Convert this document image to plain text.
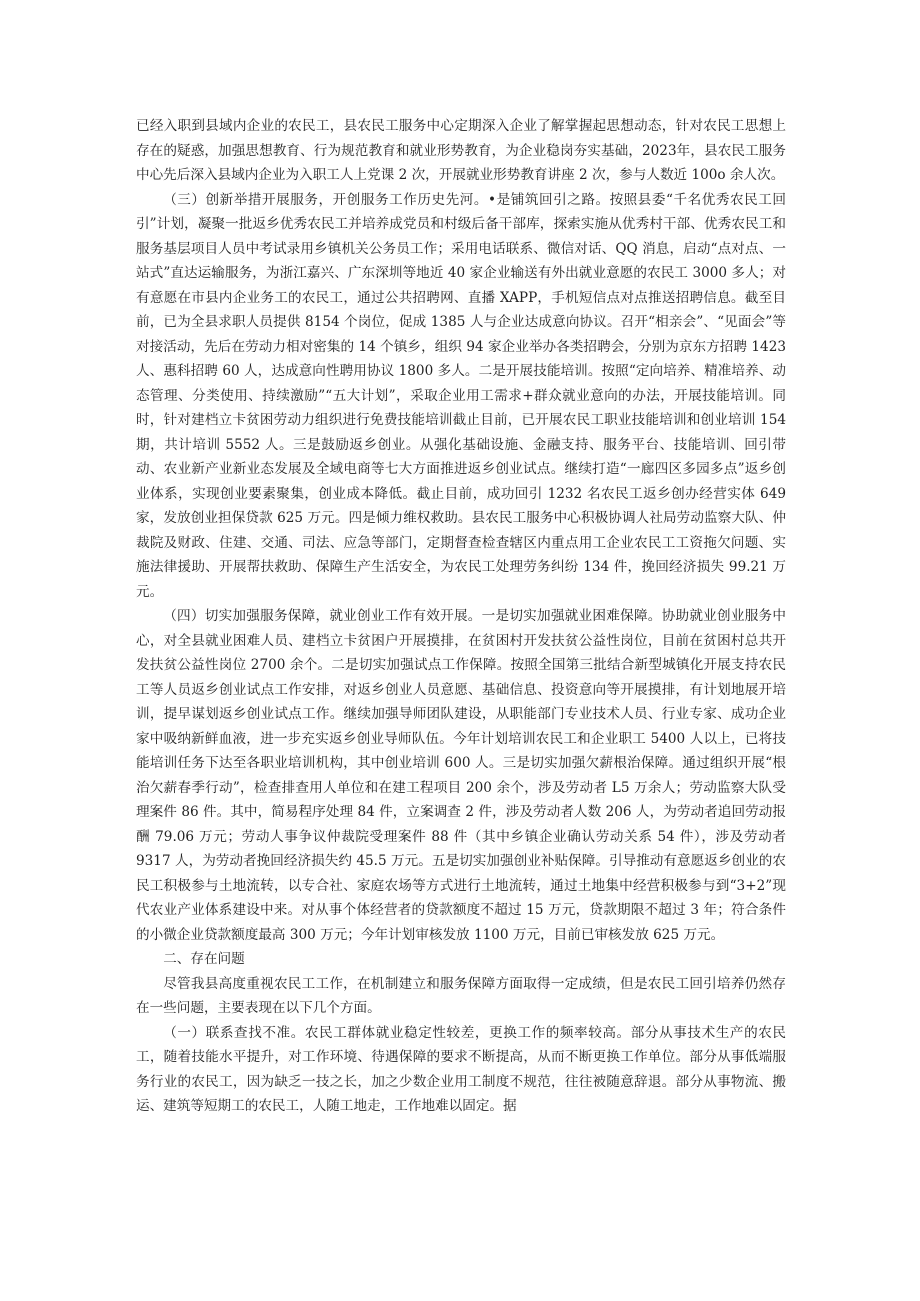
已经入职到县域内企业的农民工，县农民工服务中心定期深入企业了解掌握起思想动态，针对农民工思想上存在的疑惑，加强思想教育、行为规范教育和就业形势教育，为企业稳岗夯实基础，2023年，县农民工服务中心先后深入县域内企业为入职工人上党课 2 次，开展就业形势教育讲座 2 次，参与人数近 100o 余人次。

（三）创新举措开展服务，开创服务工作历史先河。•是铺筑回引之路。按照县委“千名优秀农民工回引”计划，凝聚一批返乡优秀农民工并培养成党员和村级后备干部库，探索实施从优秀村干部、优秀农民工和服务基层项目人员中考试录用乡镇机关公务员工作；采用电话联系、微信对话、QQ 消息，启动“点对点、一站式”直达运输服务，为浙江嘉兴、广东深圳等地近 40 家企业输送有外出就业意愿的农民工 3000 多人；对有意愿在市县内企业务工的农民工，通过公共招聘网、直播 XAPP，手机短信点对点推送招聘信息。截至目前，已为全县求职人员提供 8154 个岗位，促成 1385 人与企业达成意向协议。召开“相亲会”、“见面会”等对接活动，先后在劳动力相对密集的 14 个镇乡，组织 94 家企业举办各类招聘会，分别为京东方招聘 1423 人、惠科招聘 60 人，达成意向性聘用协议 1800 多人。二是开展技能培训。按照“定向培养、精准培养、动态管理、分类使用、持续激励”“五大计划”，采取企业用工需求+群众就业意向的办法，开展技能培训。同时，针对建档立卡贫困劳动力组织进行免费技能培训截止目前，已开展农民工职业技能培训和创业培训 154 期，共计培训 5552 人。三是鼓励返乡创业。从强化基础设施、金融支持、服务平台、技能培训、回引带动、农业新产业新业态发展及全域电商等七大方面推进返乡创业试点。继续打造“一廊四区多园多点”返乡创业体系，实现创业要素聚集，创业成本降低。截止目前，成功回引 1232 名农民工返乡创办经营实体 649 家，发放创业担保贷款 625 万元。四是倾力维权救助。县农民工服务中心积极协调人社局劳动监察大队、仲裁院及财政、住建、交通、司法、应急等部门，定期督查检查辖区内重点用工企业农民工工资拖欠问题、实施法律援助、开展帮扶救助、保障生产生活安全，为农民工处理劳务纠纷 134 件，挽回经济损失 99.21 万元。

（四）切实加强服务保障，就业创业工作有效开展。一是切实加强就业困难保障。协助就业创业服务中心，对全县就业困难人员、建档立卡贫困户开展摸排，在贫困村开发扶贫公益性岗位，目前在贫困村总共开发扶贫公益性岗位 2700 余个。二是切实加强试点工作保障。按照全国第三批结合新型城镇化开展支持农民工等人员返乡创业试点工作安排，对返乡创业人员意愿、基础信息、投资意向等开展摸排，有计划地展开培训，提早谋划返乡创业试点工作。继续加强导师团队建设，从职能部门专业技术人员、行业专家、成功企业家中吸纳新鲜血液，进一步充实返乡创业导师队伍。今年计划培训农民工和企业职工 5400 人以上，已将技能培训任务下达至各职业培训机构，其中创业培训 600 人。三是切实加强欠薪根治保障。通过组织开展“根治欠薪春季行动”，检查排查用人单位和在建工程项目 200 余个，涉及劳动者 L5 万余人；劳动监察大队受理案件 86 件。其中，简易程序处理 84 件，立案调查 2 件，涉及劳动者人数 206 人，为劳动者追回劳动报酬 79.06 万元；劳动人事争议仲裁院受理案件 88 件（其中乡镇企业确认劳动关系 54 件），涉及劳动者 9317 人，为劳动者挽回经济损失约 45.5 万元。五是切实加强创业补贴保障。引导推动有意愿返乡创业的农民工积极参与土地流转，以专合社、家庭农场等方式进行土地流转，通过土地集中经营积极参与到“3+2”现代农业产业体系建设中来。对从事个体经营者的贷款额度不超过 15 万元，贷款期限不超过 3 年；符合条件的小微企业贷款额度最高 300 万元；今年计划审核发放 1100 万元，目前已审核发放 625 万元。

二、存在问题

尽管我县高度重视农民工工作，在机制建立和服务保障方面取得一定成绩，但是农民工回引培养仍然存在一些问题，主要表现在以下几个方面。

（一）联系查找不准。农民工群体就业稳定性较差，更换工作的频率较高。部分从事技术生产的农民工，随着技能水平提升，对工作环境、待遇保障的要求不断提高，从而不断更换工作单位。部分从事低端服务行业的农民工，因为缺乏一技之长，加之少数企业用工制度不规范，往往被随意辞退。部分从事物流、搬运、建筑等短期工的农民工，人随工地走，工作地难以固定。据
